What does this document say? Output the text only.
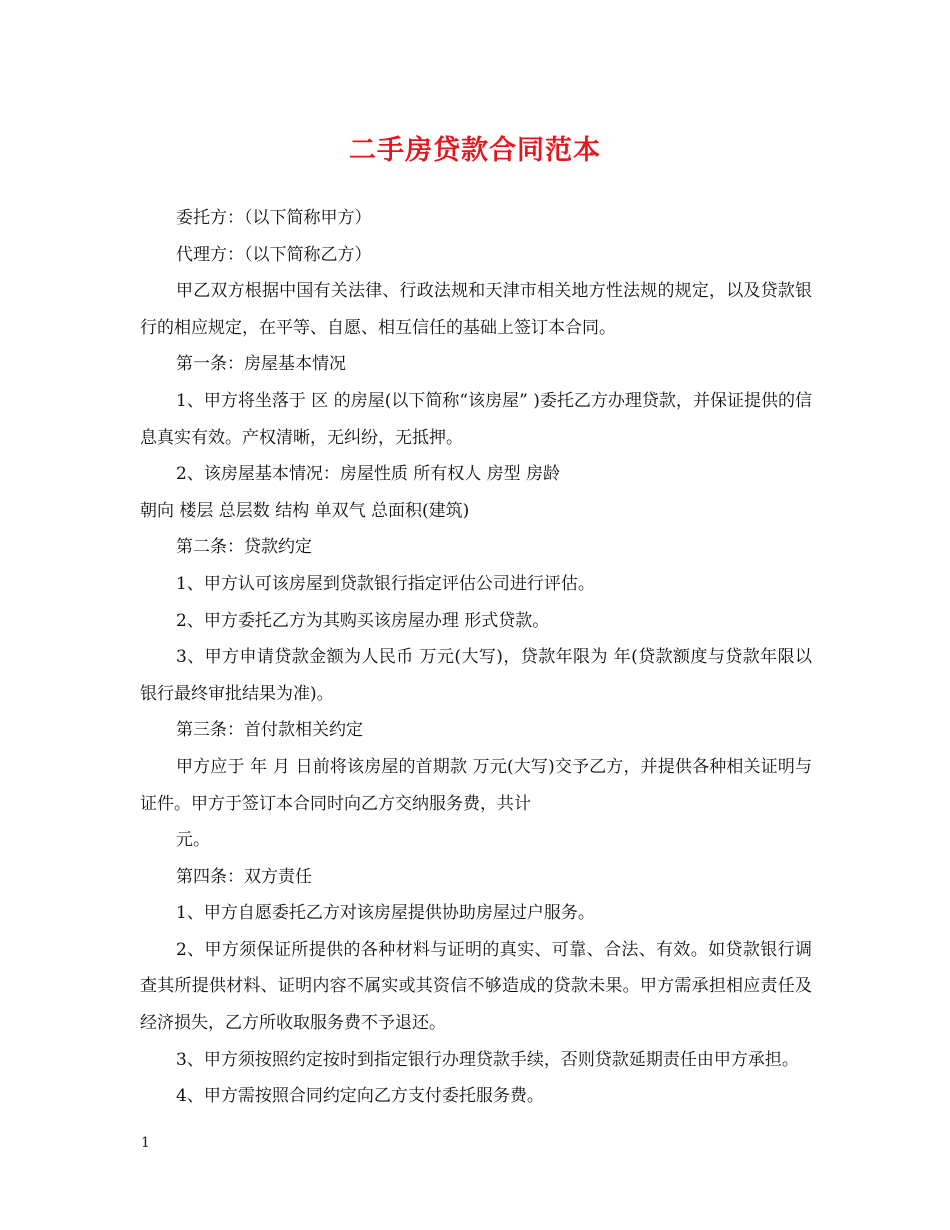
二手房贷款合同范本

委托方：（以下简称甲方）

代理方：（以下简称乙方）

甲乙双方根据中国有关法律、行政法规和天津市相关地方性法规的规定，以及贷款银行的相应规定，在平等、自愿、相互信任的基础上签订本合同。

第一条：房屋基本情况

1、甲方将坐落于 区 的房屋(以下简称“该房屋” )委托乙方办理贷款，并保证提供的信息真实有效。产权清晰，无纠纷，无抵押。

2、该房屋基本情况：房屋性质 所有权人 房型 房龄

朝向 楼层 总层数 结构 单双气 总面积(建筑)

第二条：贷款约定

1、甲方认可该房屋到贷款银行指定评估公司进行评估。

2、甲方委托乙方为其购买该房屋办理 形式贷款。

3、甲方申请贷款金额为人民币 万元(大写)，贷款年限为 年(贷款额度与贷款年限以银行最终审批结果为准)。

第三条：首付款相关约定

甲方应于 年 月 日前将该房屋的首期款 万元(大写)交予乙方，并提供各种相关证明与证件。甲方于签订本合同时向乙方交纳服务费，共计

元。

第四条：双方责任

1、甲方自愿委托乙方对该房屋提供协助房屋过户服务。

2、甲方须保证所提供的各种材料与证明的真实、可靠、合法、有效。如贷款银行调查其所提供材料、证明内容不属实或其资信不够造成的贷款未果。甲方需承担相应责任及经济损失，乙方所收取服务费不予退还。

3、甲方须按照约定按时到指定银行办理贷款手续，否则贷款延期责任由甲方承担。

4、甲方需按照合同约定向乙方支付委托服务费。

1
